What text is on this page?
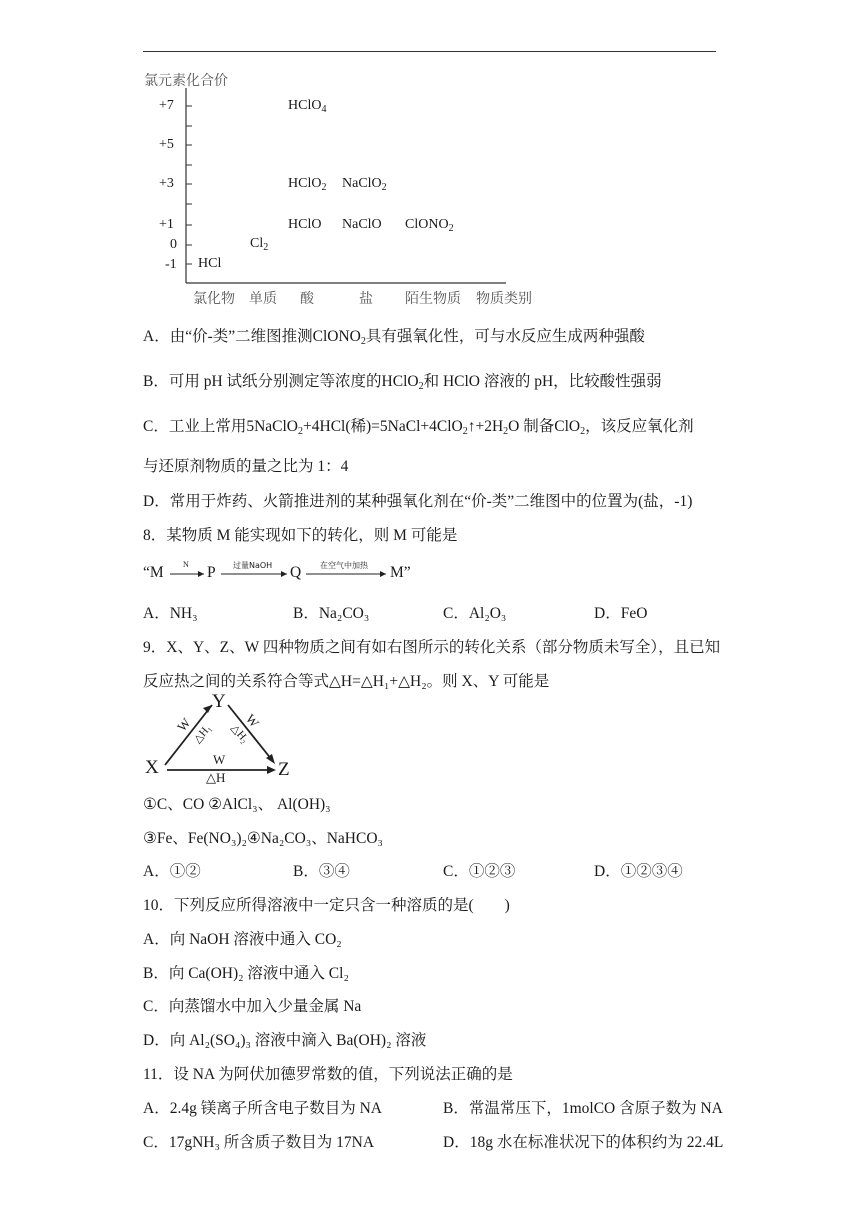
氯元素化合价
+7
+5
+3
+1
0
-1
HClO$_4$
HClO$_2$ NaClO$_2$
HClO NaClO ClONO$_2$
$Cl_2$
HCl
氯化物 单质 酸	盐 陌生物质 物质类别
A．由“价-类”二维图推测ClONO$_2$具有强氧化性，可与水反应生成两种强酸
B．可用 pH 试纸分别测定等浓度的HClO$_2$和 HClO 溶液的 pH，比较酸性强弱
C．工业上常用5NaClO$_2$+4HCl(稀)$=5NaCl+4ClO_2↑+2H_2O$ 制备ClO$_2$，该反应氧化剂
与还原剂物质的量之比为 1：4
D．常用于炸药、火箭推进剂的某种强氧化剂在“价-类”二维图中的位置为(盐，-1)
8．某物质 M 能实现如下的转化，则 M 可能是
“M N P 过量NaOH Q 在空气中加热 M”
A．NH₃	B．Na₂CO₃	C．Al₂O₃	D．FeO
9．X、Y、Z、W 四种物质之间有如右图所示的转化关系（部分物质未写全），且已知
反应热之间的关系符合等式△H=△H₁+△H₂。则 X、Y 可能是
X
Y
Z
W
△H₁
W
△H₂
W
△H
①C、CO ②AlCl₃、 Al(OH)₃
③Fe、Fe(NO₃)₂④Na₂CO₃、NaHCO₃
A．①②	B．③④	C．①②③	D．①②③④
10．下列反应所得溶液中一定只含一种溶质的是(　　)
A．向 NaOH 溶液中通入 CO₂
B．向 Ca(OH)₂ 溶液中通入 Cl₂
C．向蒸馏水中加入少量金属 Na
D．向 Al₂(SO₄)₃ 溶液中滴入 Ba(OH)₂ 溶液
11．设 NA 为阿伏加德罗常数的值，下列说法正确的是
A．2.4g 镁离子所含电子数目为 NA	B．常温常压下，1molCO 含原子数为 NA
C．17gNH₃ 所含质子数目为 17NA	D．18g 水在标准状况下的体积约为 22.4L
